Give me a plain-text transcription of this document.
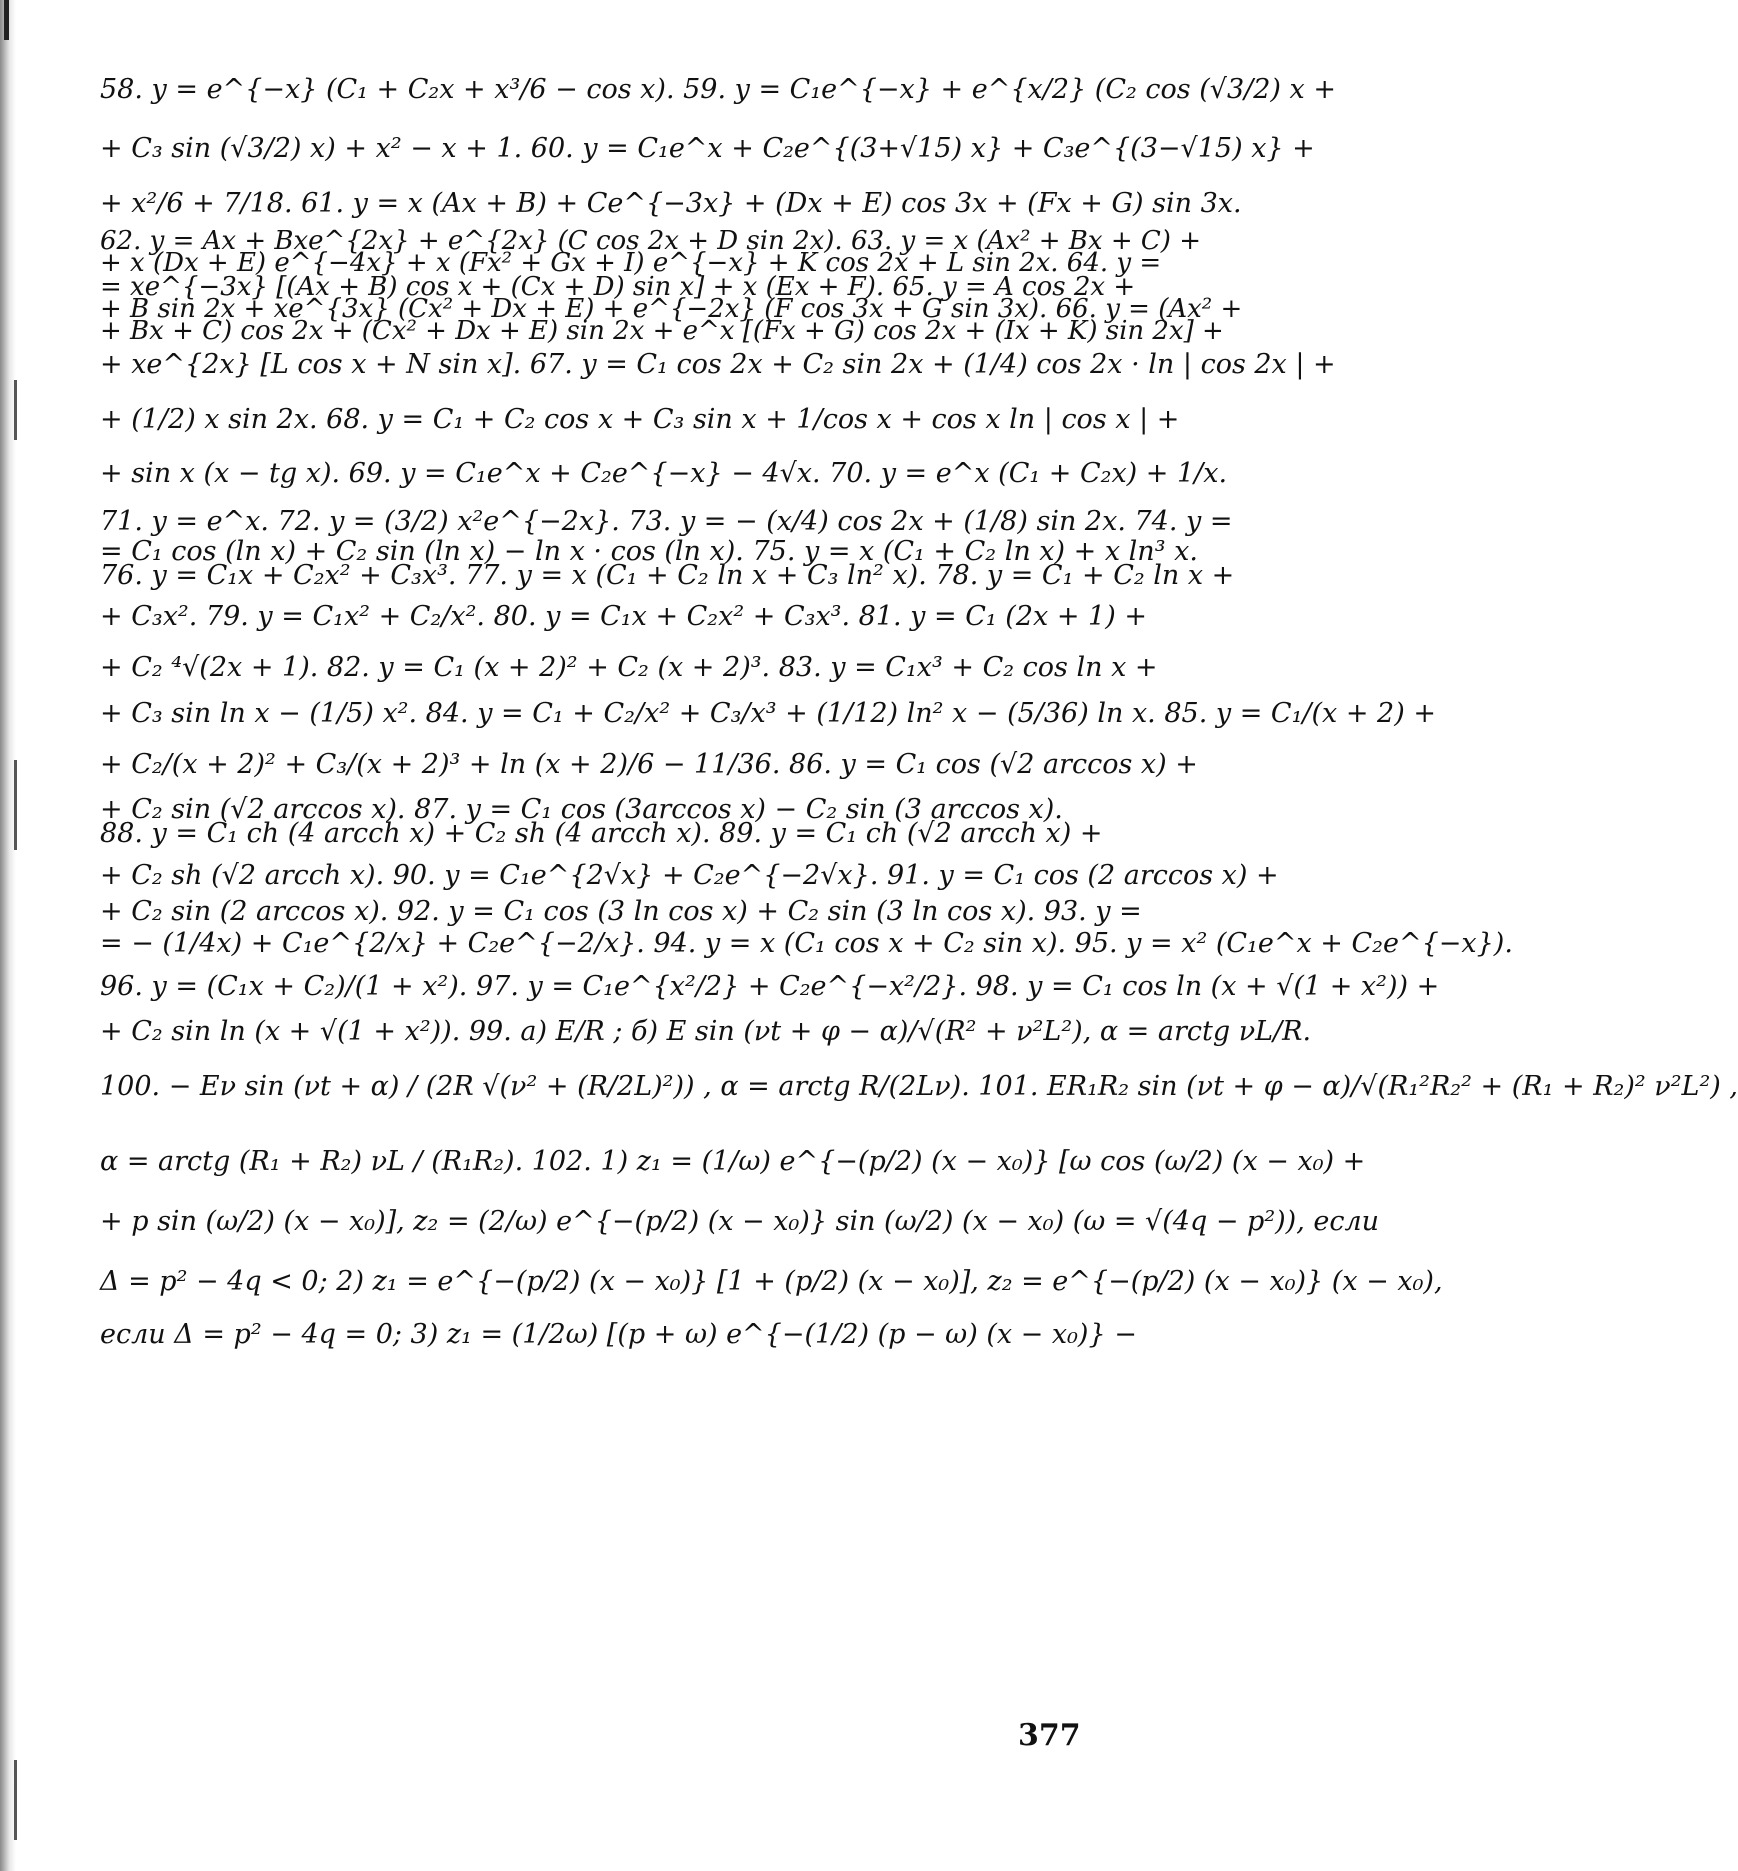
58. y = e^{−x} (C₁ + C₂x + x³/6 − cos x). 59. y = C₁e^{−x} + e^{x/2} (C₂ cos (√3/2) x +
+ C₃ sin (√3/2) x) + x² − x + 1. 60. y = C₁e^x + C₂e^{(3+√15) x} + C₃e^{(3−√15) x} +
+ x²/6 + 7/18. 61. y = x (Ax + B) + Ce^{−3x} + (Dx + E) cos 3x + (Fx + G) sin 3x.
62. y = Ax + Bxe^{2x} + e^{2x} (C cos 2x + D sin 2x). 63. y = x (Ax² + Bx + C) +
+ x (Dx + E) e^{−4x} + x (Fx² + Gx + I) e^{−x} + K cos 2x + L sin 2x. 64. y =
= xe^{−3x} [(Ax + B) cos x + (Cx + D) sin x] + x (Ex + F). 65. y = A cos 2x +
+ B sin 2x + xe^{3x} (Cx² + Dx + E) + e^{−2x} (F cos 3x + G sin 3x). 66. y = (Ax² +
+ Bx + C) cos 2x + (Cx² + Dx + E) sin 2x + e^x [(Fx + G) cos 2x + (Ix + K) sin 2x] +
+ xe^{2x} [L cos x + N sin x]. 67. y = C₁ cos 2x + C₂ sin 2x + (1/4) cos 2x · ln | cos 2x | +
+ (1/2) x sin 2x. 68. y = C₁ + C₂ cos x + C₃ sin x + 1/cos x + cos x ln | cos x | +
+ sin x (x − tg x). 69. y = C₁e^x + C₂e^{−x} − 4√x. 70. y = e^x (C₁ + C₂x) + 1/x.
71. y = e^x. 72. y = (3/2) x²e^{−2x}. 73. y = − (x/4) cos 2x + (1/8) sin 2x. 74. y =
= C₁ cos (ln x) + C₂ sin (ln x) − ln x · cos (ln x). 75. y = x (C₁ + C₂ ln x) + x ln³ x.
76. y = C₁x + C₂x² + C₃x³. 77. y = x (C₁ + C₂ ln x + C₃ ln² x). 78. y = C₁ + C₂ ln x +
+ C₃x². 79. y = C₁x² + C₂/x². 80. y = C₁x + C₂x² + C₃x³. 81. y = C₁ (2x + 1) +
+ C₂ ⁴√(2x + 1). 82. y = C₁ (x + 2)² + C₂ (x + 2)³. 83. y = C₁x³ + C₂ cos ln x +
+ C₃ sin ln x − (1/5) x². 84. y = C₁ + C₂/x² + C₃/x³ + (1/12) ln² x − (5/36) ln x. 85. y = C₁/(x + 2) +
+ C₂/(x + 2)² + C₃/(x + 2)³ + ln (x + 2)/6 − 11/36. 86. y = C₁ cos (√2 arccos x) +
+ C₂ sin (√2 arccos x). 87. y = C₁ cos (3arccos x) − C₂ sin (3 arccos x).
88. y = C₁ ch (4 arcch x) + C₂ sh (4 arcch x). 89. y = C₁ ch (√2 arcch x) +
+ C₂ sh (√2 arcch x). 90. y = C₁e^{2√x} + C₂e^{−2√x}. 91. y = C₁ cos (2 arccos x) +
+ C₂ sin (2 arccos x). 92. y = C₁ cos (3 ln cos x) + C₂ sin (3 ln cos x). 93. y =
= − (1/4x) + C₁e^{2/x} + C₂e^{−2/x}. 94. y = x (C₁ cos x + C₂ sin x). 95. y = x² (C₁e^x + C₂e^{−x}).
96. y = (C₁x + C₂)/(1 + x²). 97. y = C₁e^{x²/2} + C₂e^{−x²/2}. 98. y = C₁ cos ln (x + √(1 + x²)) +
+ C₂ sin ln (x + √(1 + x²)). 99. а) E/R ; б) E sin (νt + φ − α)/√(R² + ν²L²), α = arctg νL/R.
100. − Eν sin (νt + α) / (2R √(ν² + (R/2L)²)) , α = arctg R/(2Lν). 101. ER₁R₂ sin (νt + φ − α)/√(R₁²R₂² + (R₁ + R₂)² ν²L²) ,
α = arctg (R₁ + R₂) νL / (R₁R₂). 102. 1) z₁ = (1/ω) e^{−(p/2) (x − x₀)} [ω cos (ω/2) (x − x₀) +
+ p sin (ω/2) (x − x₀)], z₂ = (2/ω) e^{−(p/2) (x − x₀)} sin (ω/2) (x − x₀) (ω = √(4q − p²)), если
Δ = p² − 4q < 0; 2) z₁ = e^{−(p/2) (x − x₀)} [1 + (p/2) (x − x₀)], z₂ = e^{−(p/2) (x − x₀)} (x − x₀),
если Δ = p² − 4q = 0; 3) z₁ = (1/2ω) [(p + ω) e^{−(1/2) (p − ω) (x − x₀)} −
377
